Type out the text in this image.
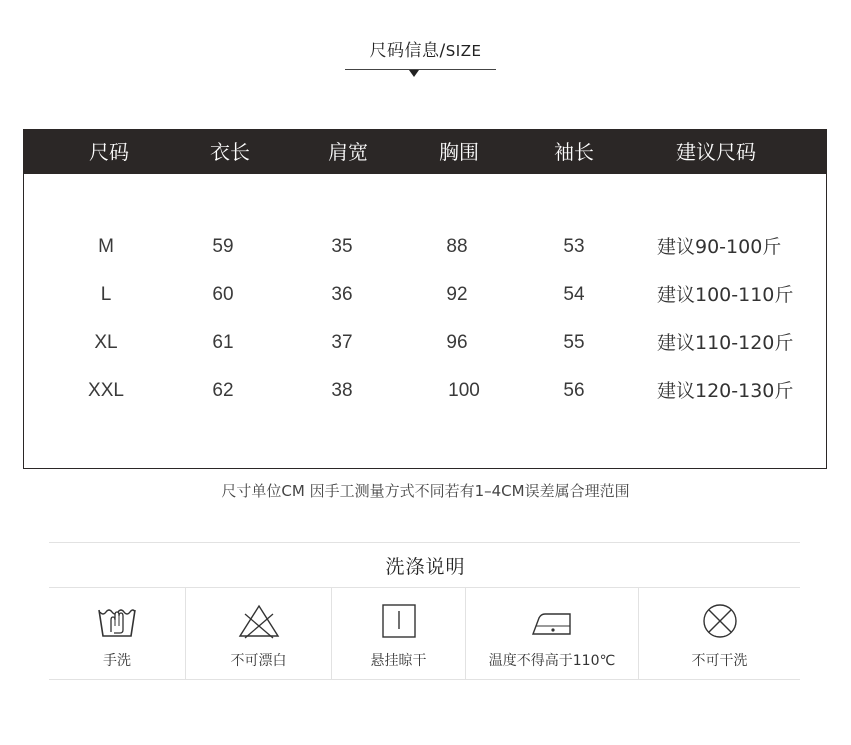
尺码信息/SIZE
尺码	衣长	肩宽	胸围	袖长	建议尺码
M	59	35	88	53	建议90-100斤
L	60	36	92	54	建议100-110斤
XL	61	37	96	55	建议110-120斤
XXL	62	38	100	56	建议120-130斤
尺寸单位CM 因手工测量方式不同若有1–4CM误差属合理范围
洗涤说明
手洗	不可漂白	悬挂晾干	温度不得高于110℃	不可干洗
